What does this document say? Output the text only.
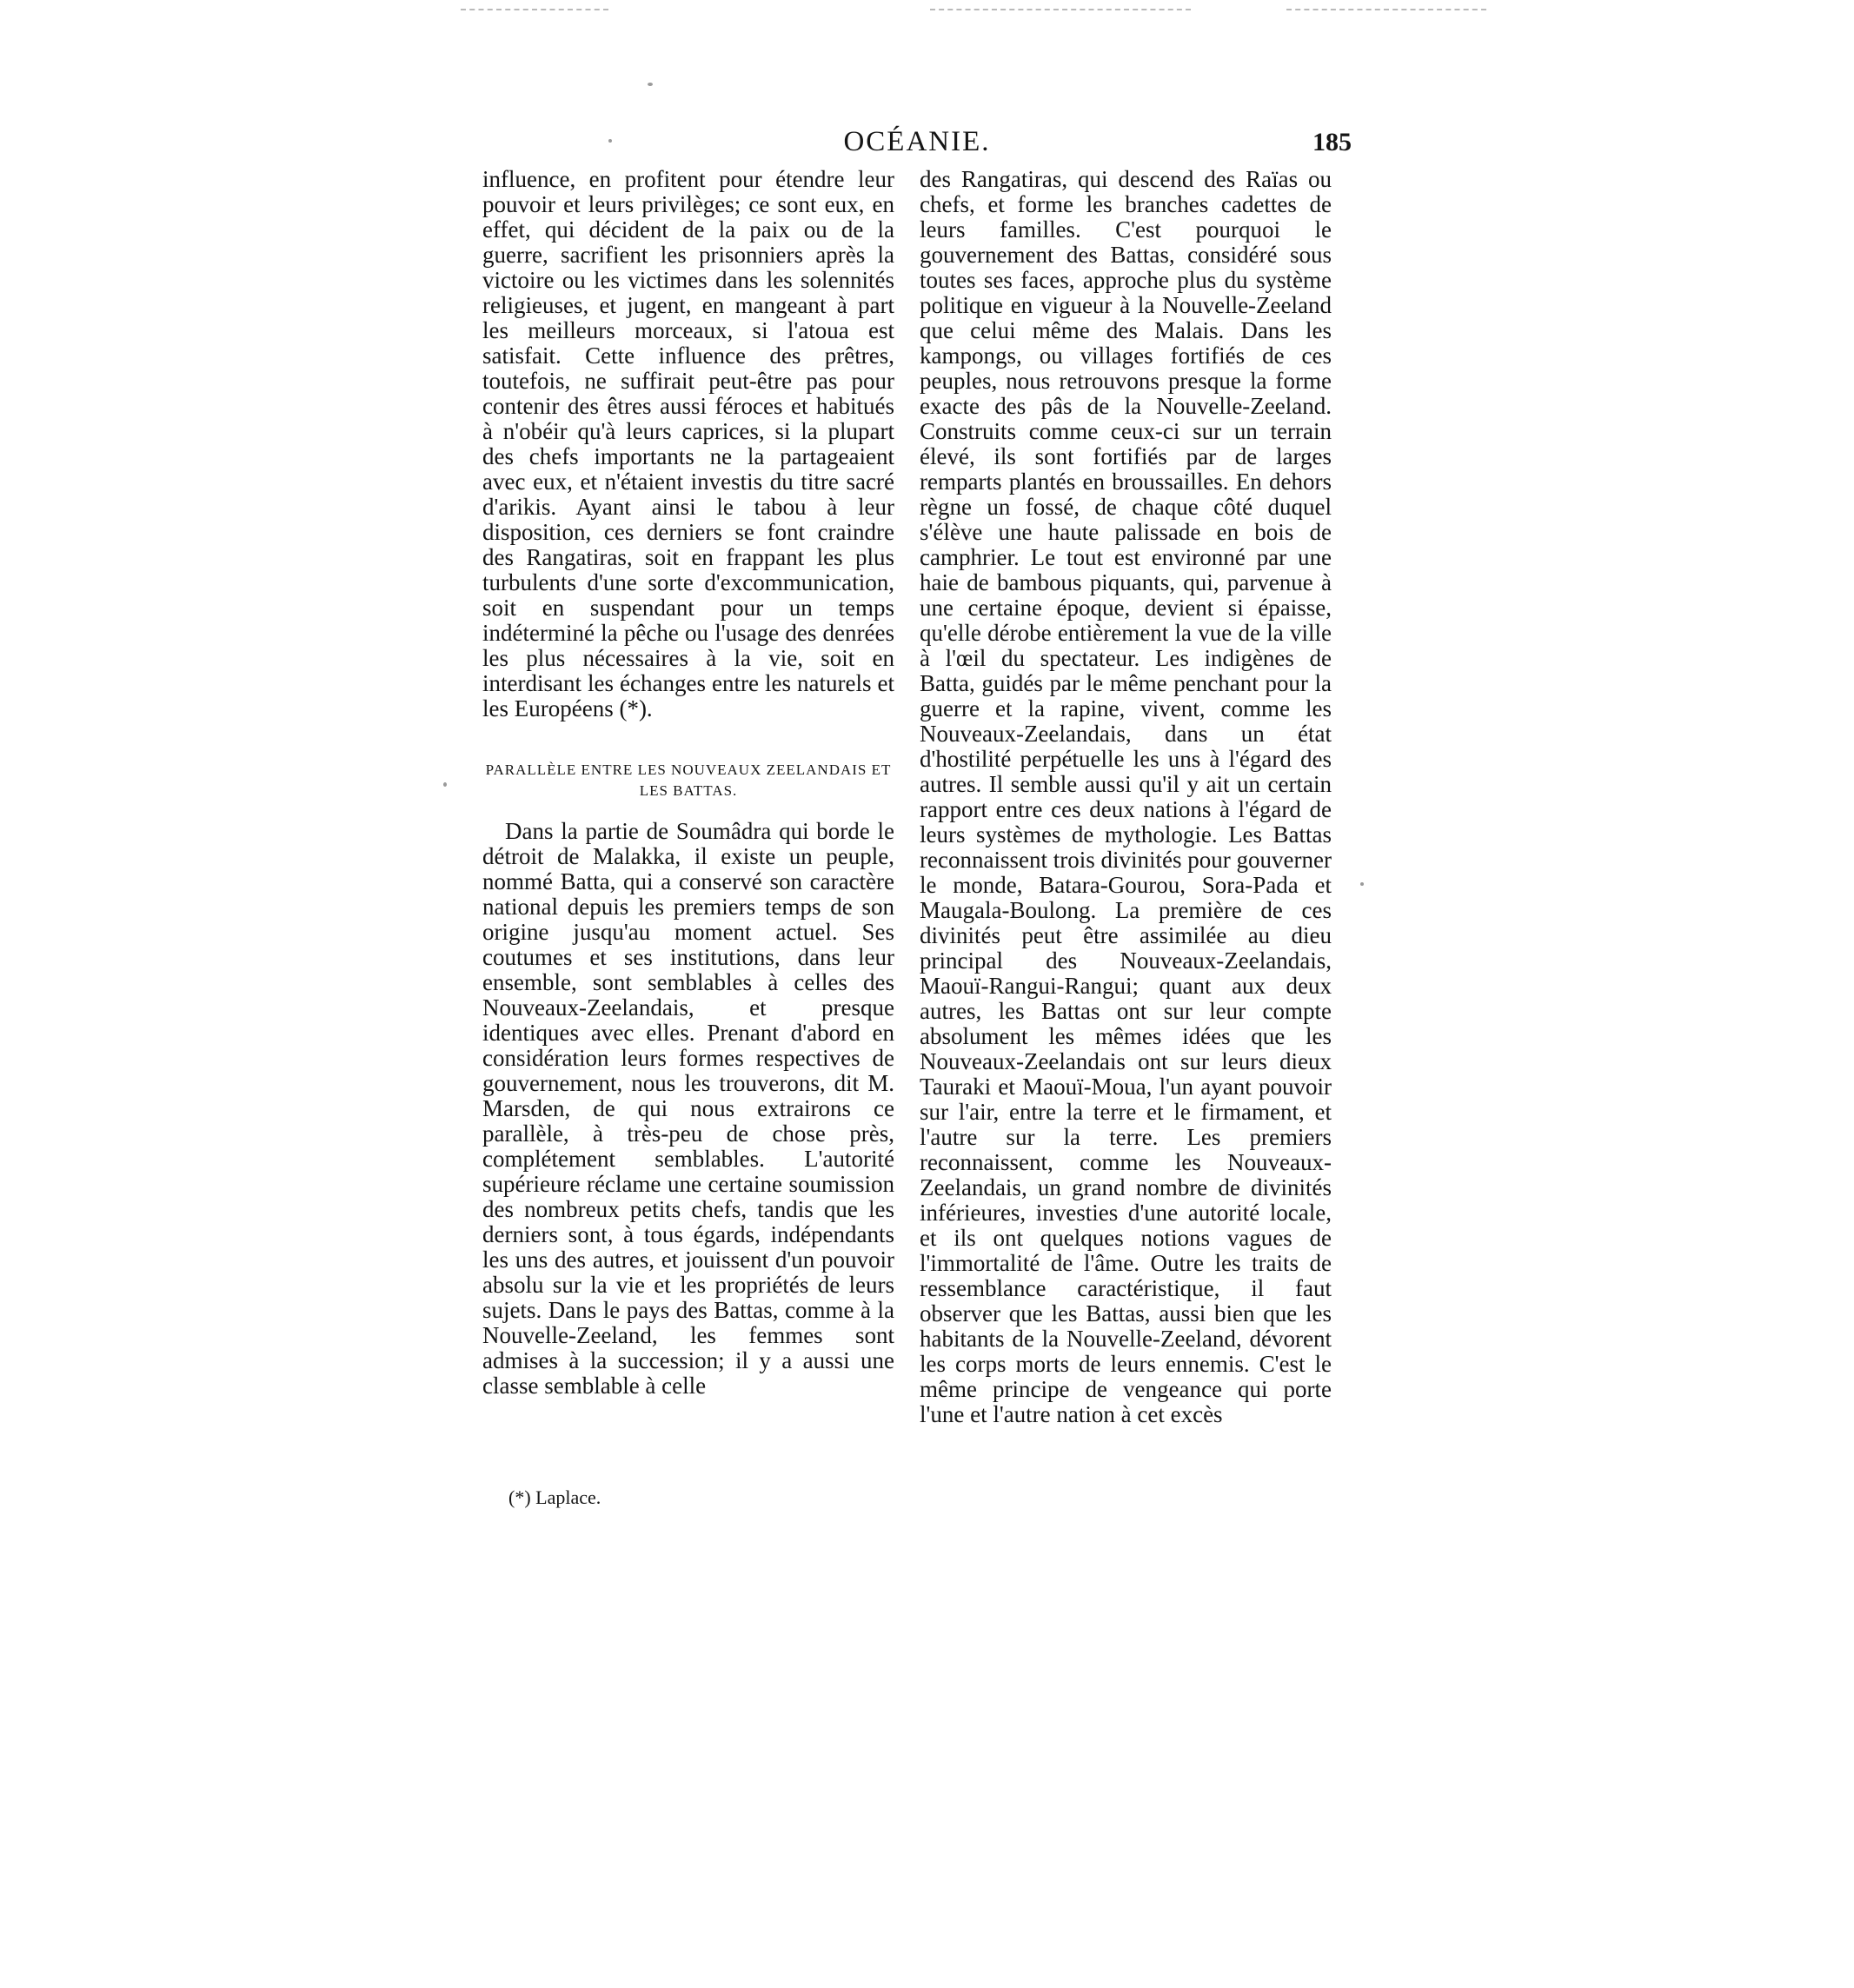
OCÉANIE.	185

influence, en profitent pour étendre leur pouvoir et leurs privilèges; ce sont eux, en effet, qui décident de la paix ou de la guerre, sacrifient les prisonniers après la victoire ou les victimes dans les solennités religieuses, et jugent, en mangeant à part les meilleurs morceaux, si l'atoua est satisfait. Cette influence des prêtres, toutefois, ne suffirait peut-être pas pour contenir des êtres aussi féroces et habitués à n'obéir qu'à leurs caprices, si la plupart des chefs importants ne la partageaient avec eux, et n'étaient investis du titre sacré d'arikis. Ayant ainsi le tabou à leur disposition, ces derniers se font craindre des Rangatiras, soit en frappant les plus turbulents d'une sorte d'excommunication, soit en suspendant pour un temps indéterminé la pêche ou l'usage des denrées les plus nécessaires à la vie, soit en interdisant les échanges entre les naturels et les Européens (*).

PARALLÈLE ENTRE LES NOUVEAUX ZEELANDAIS ET LES BATTAS.

Dans la partie de Soumâdra qui borde le détroit de Malakka, il existe un peuple, nommé Batta, qui a conservé son caractère national depuis les premiers temps de son origine jusqu'au moment actuel. Ses coutumes et ses institutions, dans leur ensemble, sont semblables à celles des Nouveaux-Zeelandais, et presque identiques avec elles. Prenant d'abord en considération leurs formes respectives de gouvernement, nous les trouverons, dit M. Marsden, de qui nous extrairons ce parallèle, à très-peu de chose près, complétement semblables. L'autorité supérieure réclame une certaine soumission des nombreux petits chefs, tandis que les derniers sont, à tous égards, indépendants les uns des autres, et jouissent d'un pouvoir absolu sur la vie et les propriétés de leurs sujets. Dans le pays des Battas, comme à la Nouvelle-Zeeland, les femmes sont admises à la succession; il y a aussi une classe semblable à celle

des Rangatiras, qui descend des Raïas ou chefs, et forme les branches cadettes de leurs familles. C'est pourquoi le gouvernement des Battas, considéré sous toutes ses faces, approche plus du système politique en vigueur à la Nouvelle-Zeeland que celui même des Malais. Dans les kampongs, ou villages fortifiés de ces peuples, nous retrouvons presque la forme exacte des pâs de la Nouvelle-Zeeland. Construits comme ceux-ci sur un terrain élevé, ils sont fortifiés par de larges remparts plantés en broussailles. En dehors règne un fossé, de chaque côté duquel s'élève une haute palissade en bois de camphrier. Le tout est environné par une haie de bambous piquants, qui, parvenue à une certaine époque, devient si épaisse, qu'elle dérobe entièrement la vue de la ville à l'œil du spectateur. Les indigènes de Batta, guidés par le même penchant pour la guerre et la rapine, vivent, comme les Nouveaux-Zeelandais, dans un état d'hostilité perpétuelle les uns à l'égard des autres. Il semble aussi qu'il y ait un certain rapport entre ces deux nations à l'égard de leurs systèmes de mythologie. Les Battas reconnaissent trois divinités pour gouverner le monde, Batara-Gourou, Sora-Pada et Maugala-Boulong. La première de ces divinités peut être assimilée au dieu principal des Nouveaux-Zeelandais, Maouï-Rangui-Rangui; quant aux deux autres, les Battas ont sur leur compte absolument les mêmes idées que les Nouveaux-Zeelandais ont sur leurs dieux Tauraki et Maouï-Moua, l'un ayant pouvoir sur l'air, entre la terre et le firmament, et l'autre sur la terre. Les premiers reconnaissent, comme les Nouveaux-Zeelandais, un grand nombre de divinités inférieures, investies d'une autorité locale, et ils ont quelques notions vagues de l'immortalité de l'âme. Outre les traits de ressemblance caractéristique, il faut observer que les Battas, aussi bien que les habitants de la Nouvelle-Zeeland, dévorent les corps morts de leurs ennemis. C'est le même principe de vengeance qui porte l'une et l'autre nation à cet excès

(*) Laplace.
